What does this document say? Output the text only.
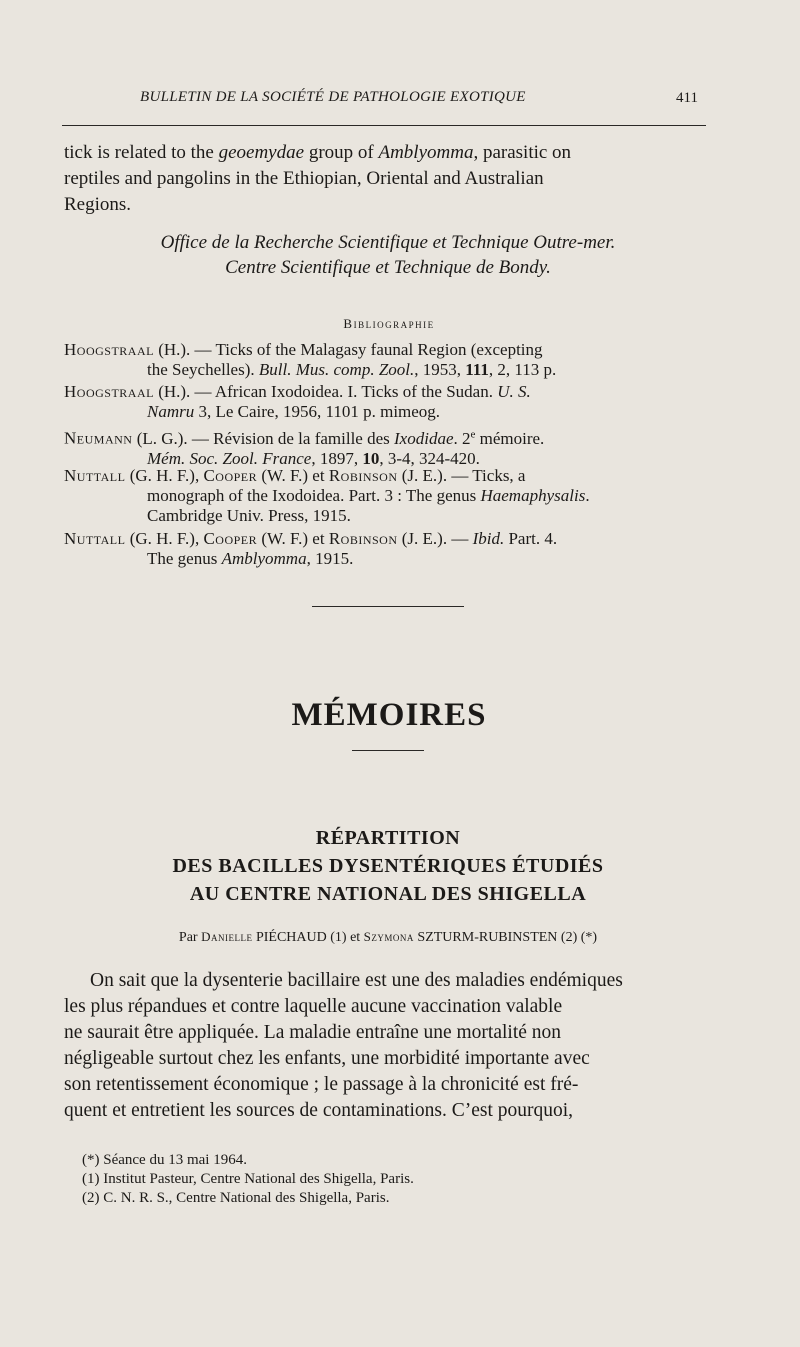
BULLETIN DE LA SOCIÉTÉ DE PATHOLOGIE EXOTIQUE	411
tick is related to the geoemydae group of Amblyomma, parasitic on
reptiles and pangolins in the Ethiopian, Oriental and Australian
Regions.
Office de la Recherche Scientifique et Technique Outre-mer.
Centre Scientifique et Technique de Bondy.
Bibliographie
Hoogstraal (H.). — Ticks of the Malagasy faunal Region (excepting
the Seychelles). Bull. Mus. comp. Zool., 1953, 111, 2, 113 p.
Hoogstraal (H.). — African Ixodoidea. I. Ticks of the Sudan. U. S.
Namru 3, Le Caire, 1956, 1101 p. mimeog.
Neumann (L. G.). — Révision de la famille des Ixodidae. 2e mémoire.
Mém. Soc. Zool. France, 1897, 10, 3-4, 324-420.
Nuttall (G. H. F.), Cooper (W. F.) et Robinson (J. E.). — Ticks, a
monograph of the Ixodoidea. Part. 3 : The genus Haemaphysalis.
Cambridge Univ. Press, 1915.
Nuttall (G. H. F.), Cooper (W. F.) et Robinson (J. E.). — Ibid. Part. 4.
The genus Amblyomma, 1915.
MÉMOIRES
RÉPARTITION
DES BACILLES DYSENTÉRIQUES ÉTUDIÉS
AU CENTRE NATIONAL DES SHIGELLA
Par Danielle PIÉCHAUD (1) et Szymona SZTURM-RUBINSTEN (2) (*)
On sait que la dysenterie bacillaire est une des maladies endémiques
les plus répandues et contre laquelle aucune vaccination valable
ne saurait être appliquée. La maladie entraîne une mortalité non
négligeable surtout chez les enfants, une morbidité importante avec
son retentissement économique ; le passage à la chronicité est fré-
quent et entretient les sources de contaminations. C’est pourquoi,
(*) Séance du 13 mai 1964.
(1) Institut Pasteur, Centre National des Shigella, Paris.
(2) C. N. R. S., Centre National des Shigella, Paris.
